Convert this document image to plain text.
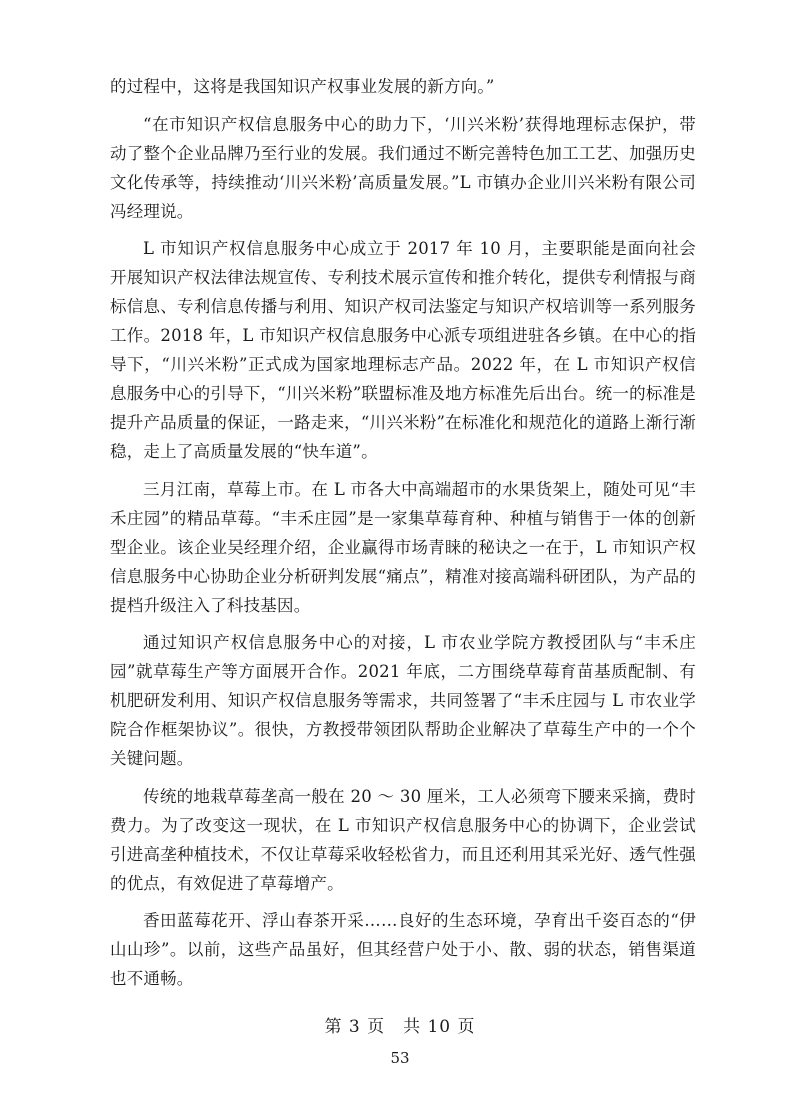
的过程中，这将是我国知识产权事业发展的新方向。”

“在市知识产权信息服务中心的助力下，‘川兴米粉’获得地理标志保护，带动了整个企业品牌乃至行业的发展。我们通过不断完善特色加工工艺、加强历史文化传承等，持续推动‘川兴米粉’高质量发展。”L 市镇办企业川兴米粉有限公司冯经理说。

L 市知识产权信息服务中心成立于 2017 年 10 月，主要职能是面向社会开展知识产权法律法规宣传、专利技术展示宣传和推介转化，提供专利情报与商标信息、专利信息传播与利用、知识产权司法鉴定与知识产权培训等一系列服务工作。2018 年，L 市知识产权信息服务中心派专项组进驻各乡镇。在中心的指导下，“川兴米粉”正式成为国家地理标志产品。2022 年，在 L 市知识产权信息服务中心的引导下，“川兴米粉”联盟标准及地方标准先后出台。统一的标准是提升产品质量的保证，一路走来，“川兴米粉”在标准化和规范化的道路上渐行渐稳，走上了高质量发展的“快车道”。

三月江南，草莓上市。在 L 市各大中高端超市的水果货架上，随处可见“丰禾庄园”的精品草莓。“丰禾庄园”是一家集草莓育种、种植与销售于一体的创新型企业。该企业吴经理介绍，企业赢得市场青睐的秘诀之一在于，L 市知识产权信息服务中心协助企业分析研判发展“痛点”，精准对接高端科研团队，为产品的提档升级注入了科技基因。

通过知识产权信息服务中心的对接，L 市农业学院方教授团队与“丰禾庄园”就草莓生产等方面展开合作。2021 年底，二方围绕草莓育苗基质配制、有机肥研发利用、知识产权信息服务等需求，共同签署了“丰禾庄园与 L 市农业学院合作框架协议”。很快，方教授带领团队帮助企业解决了草莓生产中的一个个关键问题。

传统的地栽草莓垄高一般在 20 ～ 30 厘米，工人必须弯下腰来采摘，费时费力。为了改变这一现状，在 L 市知识产权信息服务中心的协调下，企业尝试引进高垄种植技术，不仅让草莓采收轻松省力，而且还利用其采光好、透气性强的优点，有效促进了草莓增产。

香田蓝莓花开、浮山春茶开采……良好的生态环境，孕育出千姿百态的“伊山山珍”。以前，这些产品虽好，但其经营户处于小、散、弱的状态，销售渠道也不通畅。

第 3 页　共 10 页
53
